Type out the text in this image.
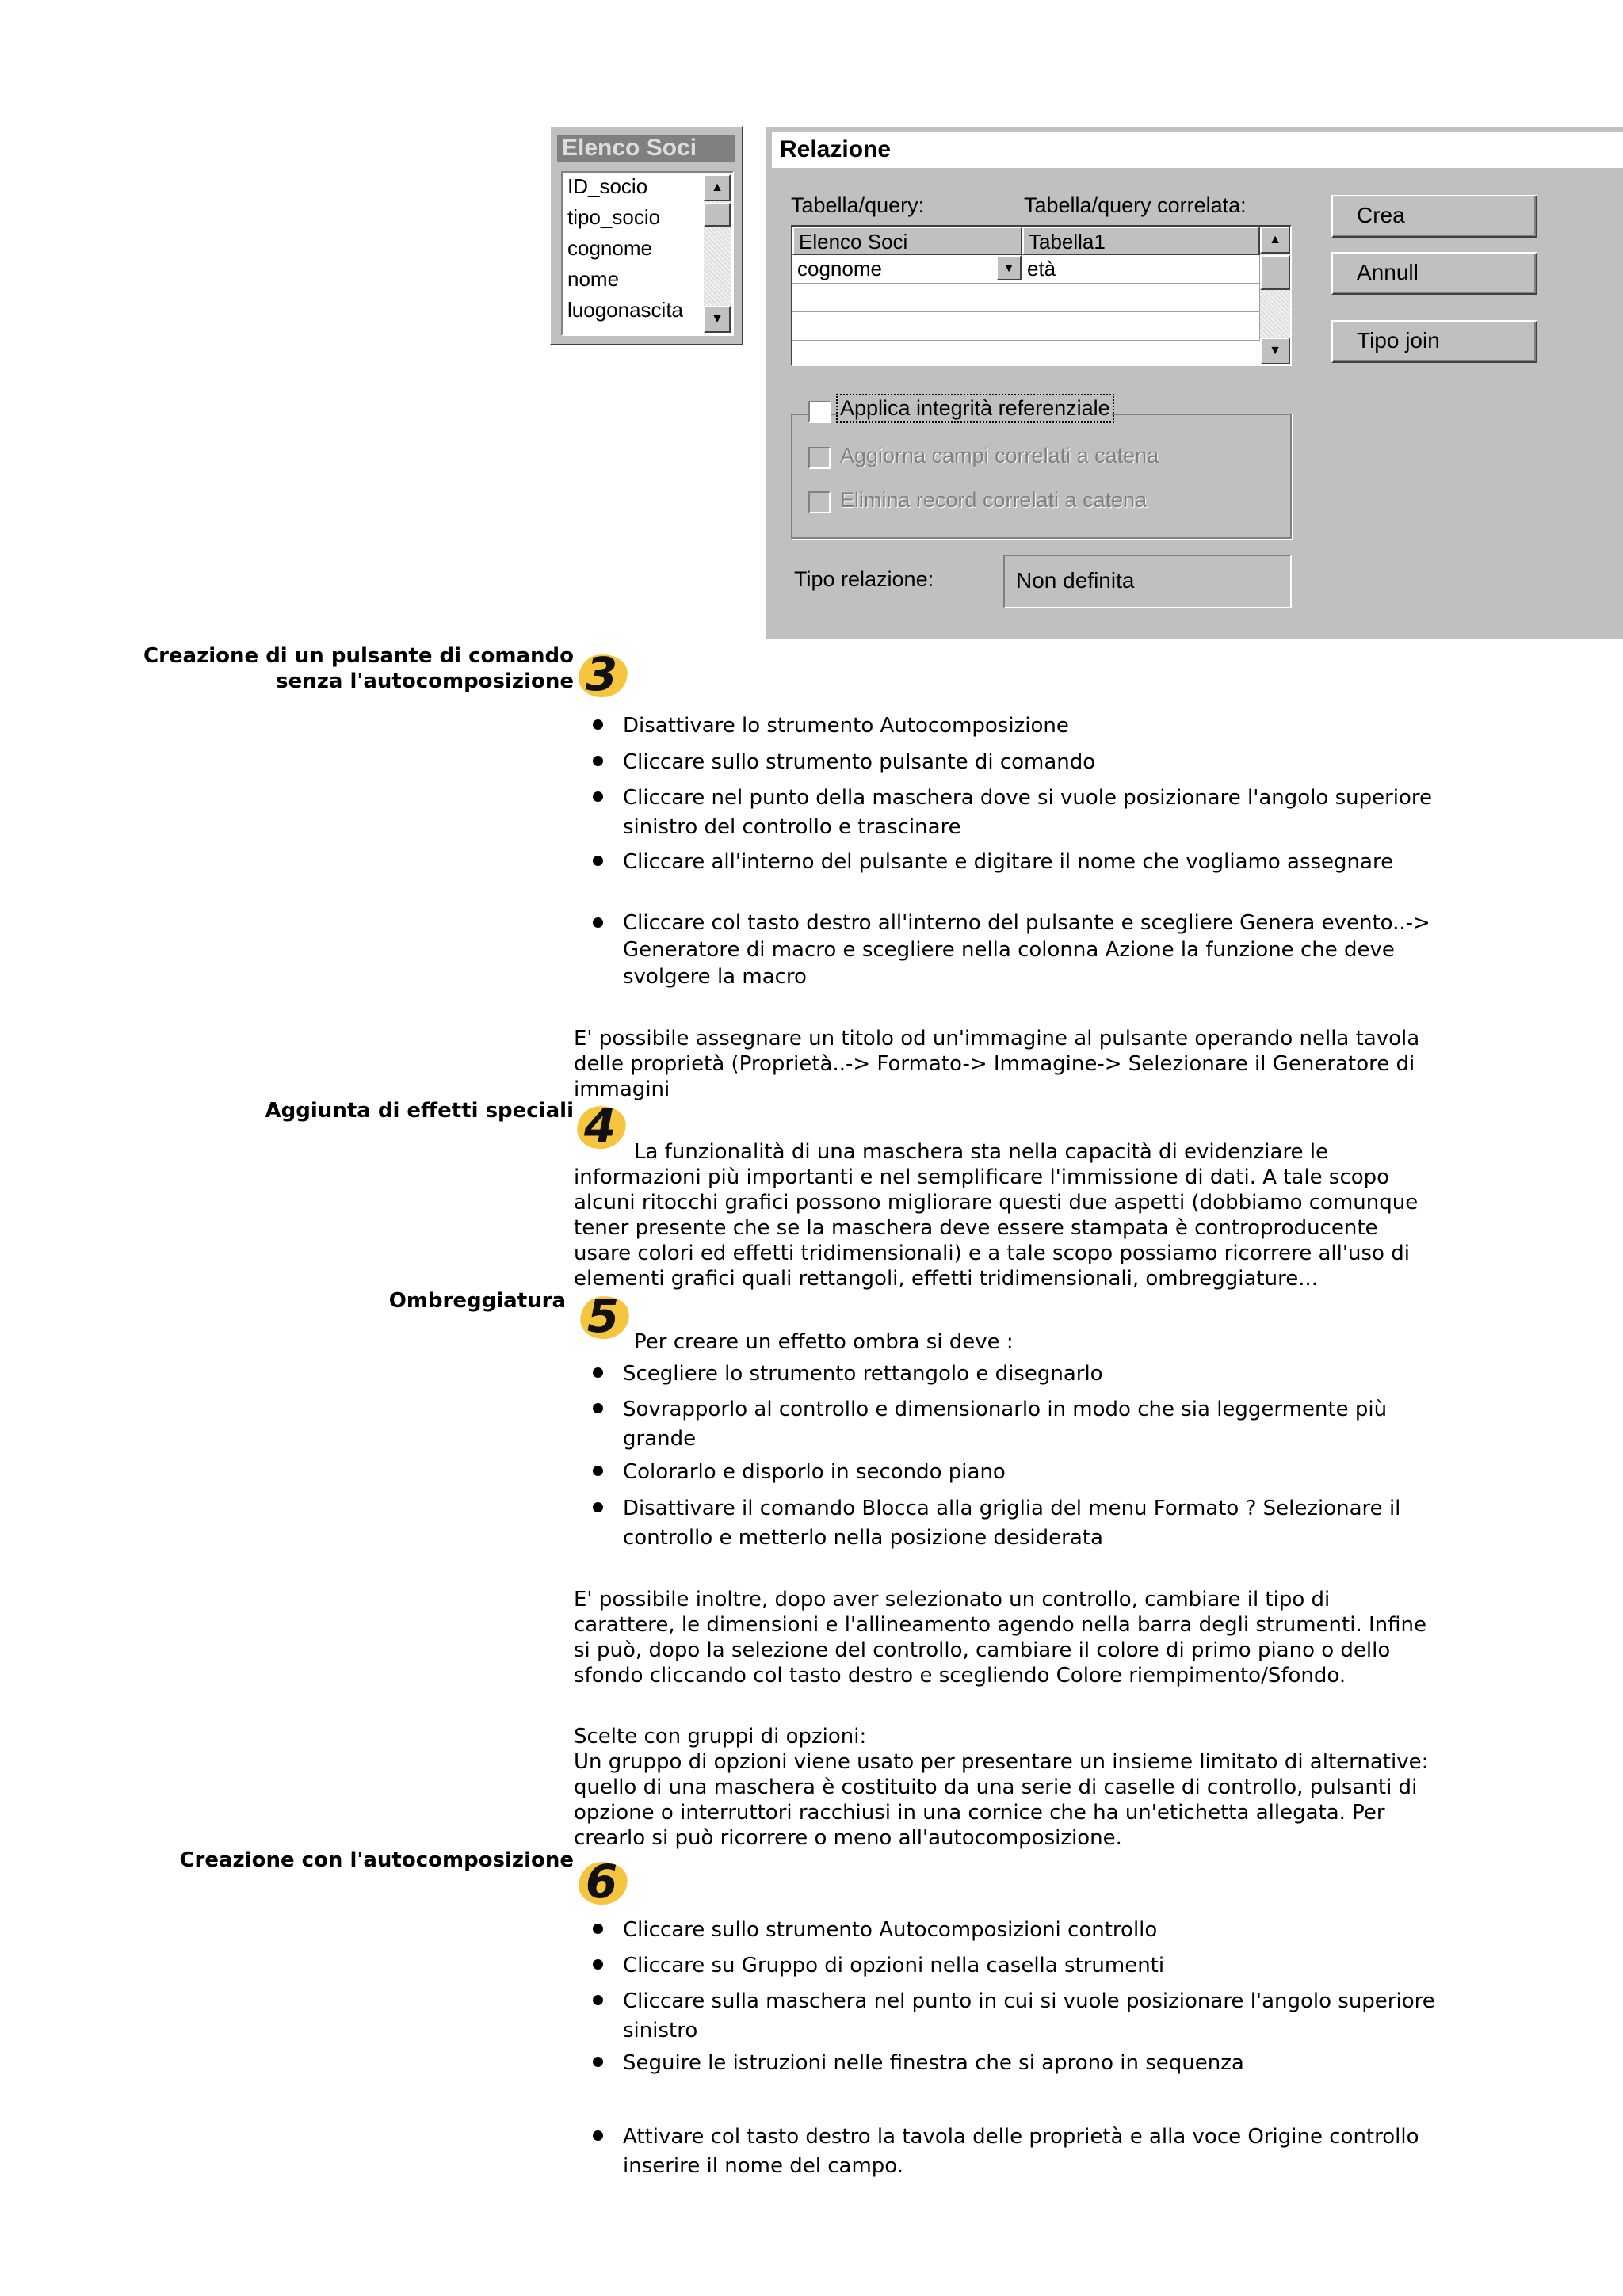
Elenco Soci
ID_socio
tipo_socio
cognome
nome
luogonascita
▲
▼
Relazione
Tabella/query:	Tabella/query correlata:
Elenco Soci	Tabella1
cognome	▼ età
▲
▼
Crea
Annull
Tipo join
Applica integrità referenziale
Aggiorna campi correlati a catena
Elimina record correlati a catena
Tipo relazione:	Non definita
Creazione di un pulsante di comando
senza l'autocomposizione 3
Disattivare lo strumento Autocomposizione
Cliccare sullo strumento pulsante di comando
Cliccare nel punto della maschera dove si vuole posizionare l'angolo superiore sinistro del controllo e trascinare
Cliccare all'interno del pulsante e digitare il nome che vogliamo assegnare
Cliccare col tasto destro all'interno del pulsante e scegliere Genera evento..-> Generatore di macro e scegliere nella colonna Azione la funzione che deve svolgere la macro
E' possibile assegnare un titolo od un'immagine al pulsante operando nella tavola delle proprietà (Proprietà..-> Formato-> Immagine-> Selezionare il Generatore di immagini
Aggiunta di effetti speciali 4 La funzionalità di una maschera sta nella capacità di evidenziare le informazioni più importanti e nel semplificare l'immissione di dati. A tale scopo alcuni ritocchi grafici possono migliorare questi due aspetti (dobbiamo comunque tener presente che se la maschera deve essere stampata è controproducente usare colori ed effetti tridimensionali) e a tale scopo possiamo ricorrere all'uso di elementi grafici quali rettangoli, effetti tridimensionali, ombreggiature...
Ombreggiatura 5 Per creare un effetto ombra si deve :
Scegliere lo strumento rettangolo e disegnarlo
Sovrapporlo al controllo e dimensionarlo in modo che sia leggermente più grande
Colorarlo e disporlo in secondo piano
Disattivare il comando Blocca alla griglia del menu Formato ? Selezionare il controllo e metterlo nella posizione desiderata
E' possibile inoltre, dopo aver selezionato un controllo, cambiare il tipo di carattere, le dimensioni e l'allineamento agendo nella barra degli strumenti. Infine si può, dopo la selezione del controllo, cambiare il colore di primo piano o dello sfondo cliccando col tasto destro e scegliendo Colore riempimento/Sfondo.
Scelte con gruppi di opzioni:
Un gruppo di opzioni viene usato per presentare un insieme limitato di alternative: quello di una maschera è costituito da una serie di caselle di controllo, pulsanti di opzione o interruttori racchiusi in una cornice che ha un'etichetta allegata. Per crearlo si può ricorrere o meno all'autocomposizione.
Creazione con l'autocomposizione 6
Cliccare sullo strumento Autocomposizioni controllo
Cliccare su Gruppo di opzioni nella casella strumenti
Cliccare sulla maschera nel punto in cui si vuole posizionare l'angolo superiore sinistro
Seguire le istruzioni nelle finestra che si aprono in sequenza
Attivare col tasto destro la tavola delle proprietà e alla voce Origine controllo inserire il nome del campo.
